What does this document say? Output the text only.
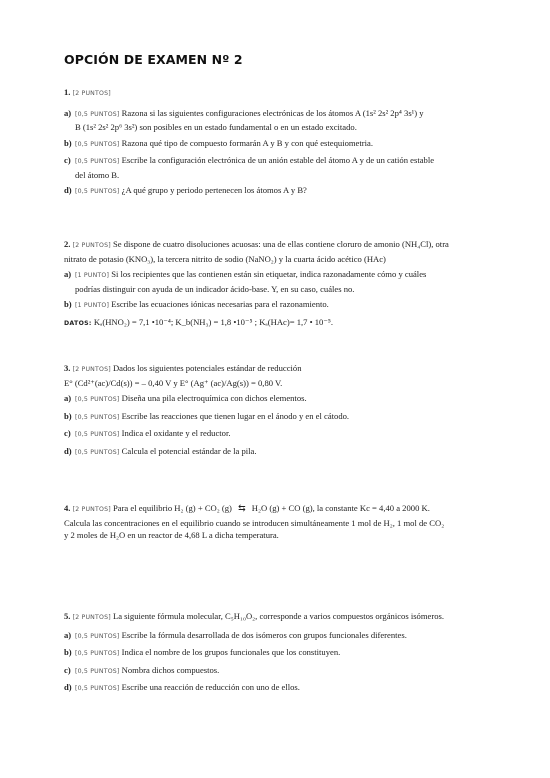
OPCIÓN DE EXAMEN Nº 2
1. [2 PUNTOS]
a) [0,5 PUNTOS] Razona si las siguientes configuraciones electrónicas de los átomos A (1s² 2s² 2p⁴ 3s¹) y
B (1s² 2s² 2p⁶ 3s²) son posibles en un estado fundamental o en un estado excitado.
b) [0,5 PUNTOS] Razona qué tipo de compuesto formarán A y B y con qué estequiometria.
c) [0,5 PUNTOS] Escribe la configuración electrónica de un anión estable del átomo A y de un catión estable
del átomo B.
d) [0,5 PUNTOS] ¿A qué grupo y periodo pertenecen los átomos A y B?
2. [2 PUNTOS] Se dispone de cuatro disoluciones acuosas: una de ellas contiene cloruro de amonio (NH₄Cl), otra
nitrato de potasio (KNO₃), la tercera nitrito de sodio (NaNO₂) y la cuarta ácido acético (HAc)
a) [1 PUNTO] Si los recipientes que las contienen están sin etiquetar, indica razonadamente cómo y cuáles
podrías distinguir con ayuda de un indicador ácido-base. Y, en su caso, cuáles no.
b) [1 PUNTO] Escribe las ecuaciones iónicas necesarias para el razonamiento.
DATOS: Kₐ(HNO₂) = 7,1 •10⁻⁴; K_b(NH₃) = 1,8 •10⁻⁵ ; Kₐ(HAc)= 1,7 • 10⁻⁵.
3. [2 PUNTOS] Dados los siguientes potenciales estándar de reducción
E° (Cd²⁺(ac)/Cd(s)) = – 0,40 V y E° (Ag⁺ (ac)/Ag(s)) = 0,80 V.
a) [0,5 PUNTOS] Diseña una pila electroquímica con dichos elementos.
b) [0,5 PUNTOS] Escribe las reacciones que tienen lugar en el ánodo y en el cátodo.
c) [0,5 PUNTOS] Indica el oxidante y el reductor.
d) [0,5 PUNTOS] Calcula el potencial estándar de la pila.
4. [2 PUNTOS] Para el equilibrio H₂ (g) + CO₂ (g) ⇆ H₂O (g) + CO (g), la constante Kc = 4,40 a 2000 K.
Calcula las concentraciones en el equilibrio cuando se introducen simultáneamente 1 mol de H₂, 1 mol de CO₂
y 2 moles de H₂O en un reactor de 4,68 L a dicha temperatura.
5. [2 PUNTOS] La siguiente fórmula molecular, C₅H₁₀O₂, corresponde a varios compuestos orgánicos isómeros.
a) [0,5 PUNTOS] Escribe la fórmula desarrollada de dos isómeros con grupos funcionales diferentes.
b) [0,5 PUNTOS] Indica el nombre de los grupos funcionales que los constituyen.
c) [0,5 PUNTOS] Nombra dichos compuestos.
d) [0,5 PUNTOS] Escribe una reacción de reducción con uno de ellos.
